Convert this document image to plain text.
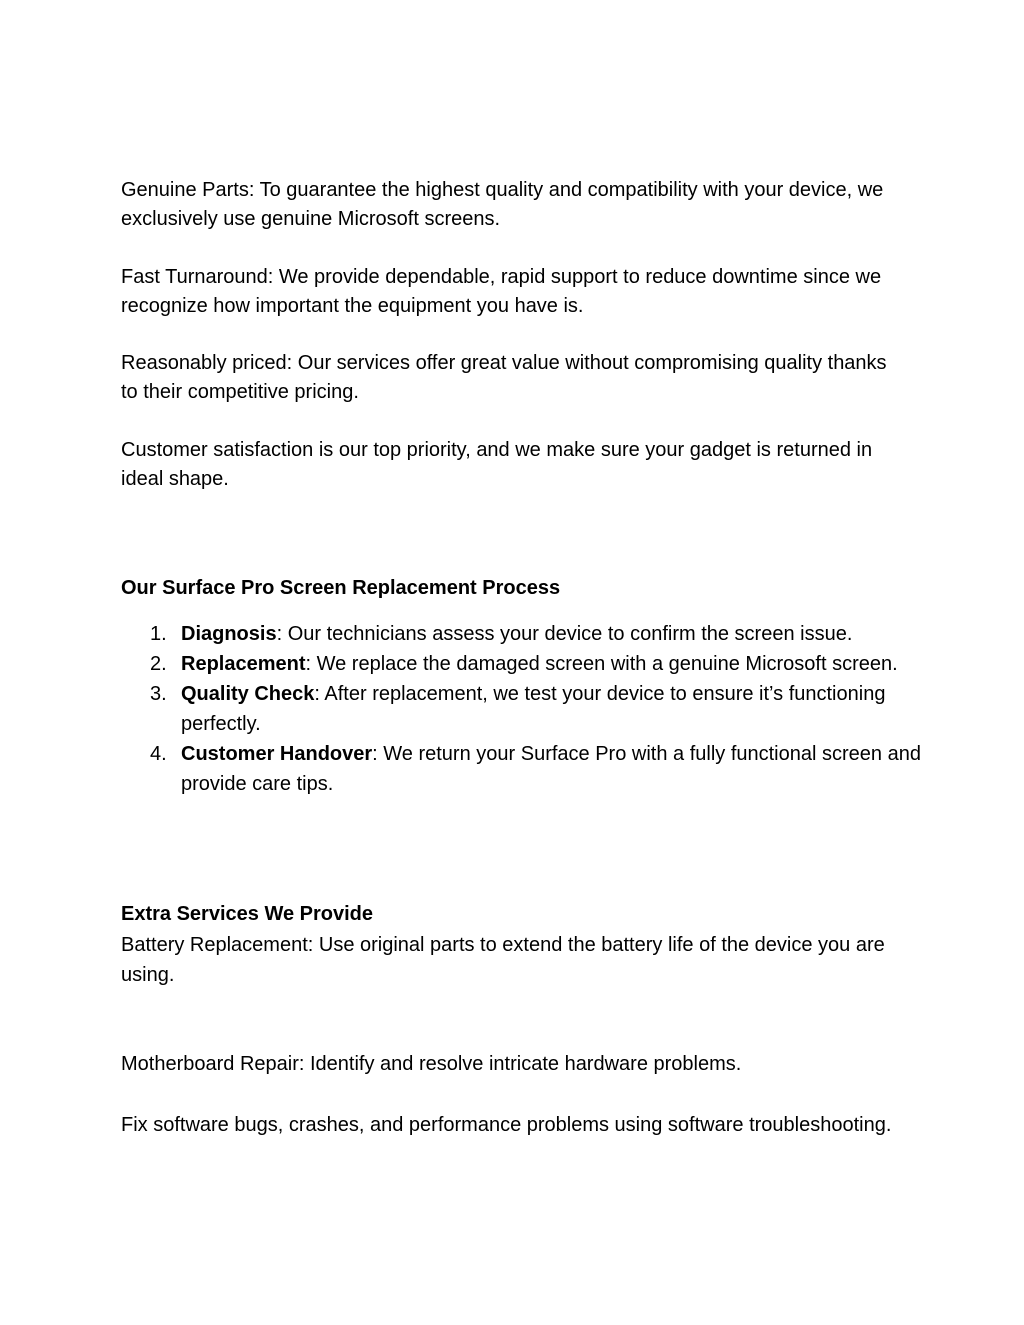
Genuine Parts: To guarantee the highest quality and compatibility with your device, we exclusively use genuine Microsoft screens.

Fast Turnaround: We provide dependable, rapid support to reduce downtime since we recognize how important the equipment you have is.

Reasonably priced: Our services offer great value without compromising quality thanks to their competitive pricing.

Customer satisfaction is our top priority, and we make sure your gadget is returned in ideal shape.

Our Surface Pro Screen Replacement Process
1. Diagnosis: Our technicians assess your device to confirm the screen issue.
2. Replacement: We replace the damaged screen with a genuine Microsoft screen.
3. Quality Check: After replacement, we test your device to ensure it’s functioning perfectly.
4. Customer Handover: We return your Surface Pro with a fully functional screen and provide care tips.
Extra Services We Provide

Battery Replacement: Use original parts to extend the battery life of the device you are using.

Motherboard Repair: Identify and resolve intricate hardware problems.

Fix software bugs, crashes, and performance problems using software troubleshooting.
